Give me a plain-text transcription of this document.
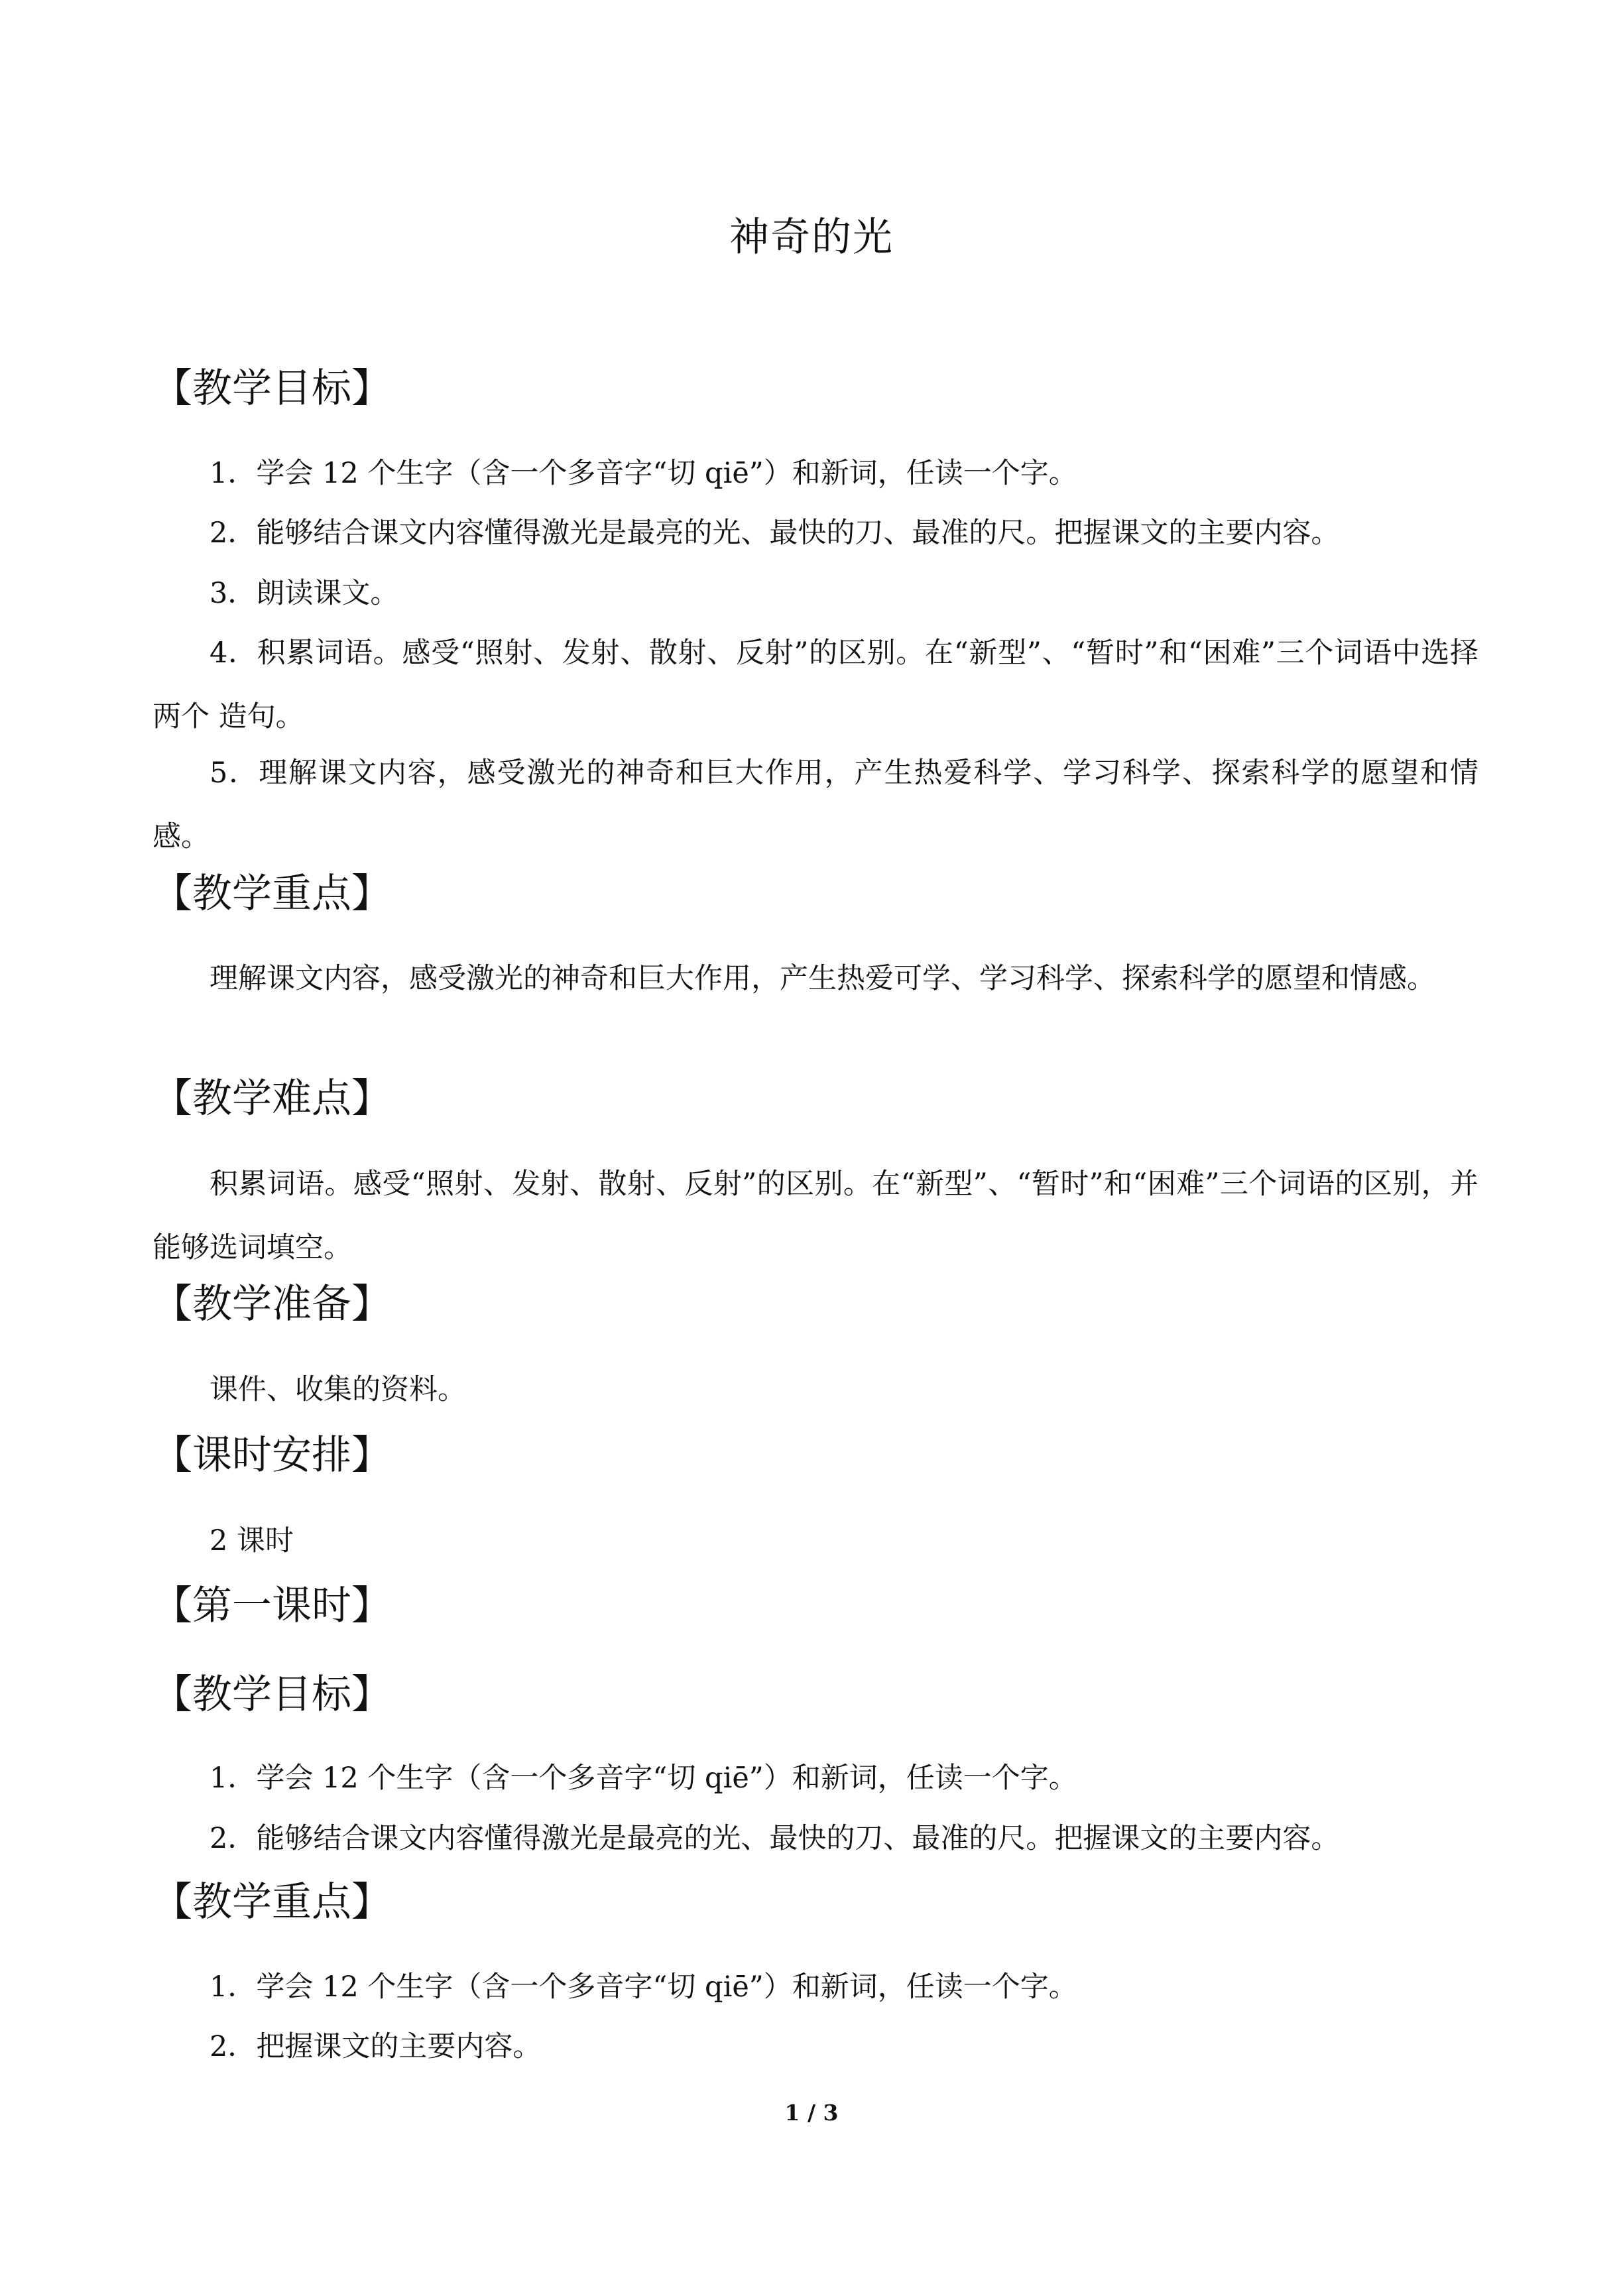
神奇的光
【教学目标】

1．学会 12 个生字（含一个多音字“切 qiē”）和新词，任读一个字。

2．能够结合课文内容懂得激光是最亮的光、最快的刀、最准的尺。把握课文的主要内容。

3．朗读课文。

4．积累词语。感受“照射、发射、散射、反射”的区别。在“新型”、“暂时”和“困难”三个词语中选择两个 造句。

5．理解课文内容，感受激光的神奇和巨大作用，产生热爱科学、学习科学、探索科学的愿望和情感。

【教学重点】

理解课文内容，感受激光的神奇和巨大作用，产生热爱可学、学习科学、探索科学的愿望和情感。

【教学难点】

积累词语。感受“照射、发射、散射、反射”的区别。在“新型”、“暂时”和“困难”三个词语的区别，并能够选词填空。

【教学准备】

课件、收集的资料。

【课时安排】

2 课时

【第一课时】
【教学目标】

1．学会 12 个生字（含一个多音字“切 qiē”）和新词，任读一个字。

2．能够结合课文内容懂得激光是最亮的光、最快的刀、最准的尺。把握课文的主要内容。

【教学重点】

1．学会 12 个生字（含一个多音字“切 qiē”）和新词，任读一个字。

2．把握课文的主要内容。

1 / 3
